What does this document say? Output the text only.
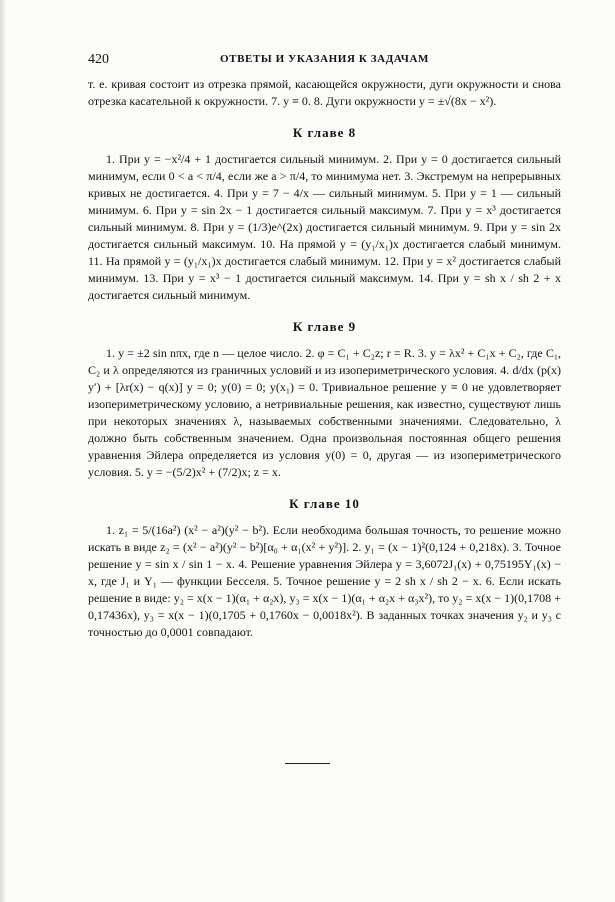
420	ОТВЕТЫ И УКАЗАНИЯ К ЗАДАЧАМ

т. е. кривая состоит из отрезка прямой, касающейся окружности, дуги окружности и снова отрезка касательной к окружности. 7. y ≡ 0. 8. Дуги окружности y = ±√(8x − x²).

К главе 8

1. При y = −x²/4 + 1 достигается сильный минимум. 2. При y = 0 достигается сильный минимум, если 0 < a < π/4, если же a > π/4, то минимума нет. 3. Экстремум на непрерывных кривых не достигается. 4. При y = 7 − 4/x — сильный минимум. 5. При y = 1 — сильный минимум. 6. При y = sin 2x − 1 достигается сильный максимум. 7. При y = x³ достигается сильный минимум. 8. При y = (1/3)e^(2x) достигается сильный минимум. 9. При y = sin 2x достигается сильный максимум. 10. На прямой y = (y₁/x₁)x достигается слабый минимум. 11. На прямой y = (y₁/x₁)x достигается слабый минимум. 12. При y = x² достигается слабый минимум. 13. При y = x³ − 1 достигается сильный максимум. 14. При y = sh x / sh 2 + x достигается сильный минимум.

К главе 9

1. y = ±2 sin nπx, где n — целое число. 2. φ = C₁ + C₂z; r = R. 3. y = λx² + C₁x + C₂, где C₁, C₂ и λ определяются из граничных условий и из изопериметрического условия. 4. d/dx (p(x) y′) + [λr(x) − q(x)] y = 0; y(0) = 0; y(x₁) = 0. Тривиальное решение y ≡ 0 не удовлетворяет изопериметрическому условию, а нетривиальные решения, как известно, существуют лишь при некоторых значениях λ, называемых собственными значениями. Следовательно, λ должно быть собственным значением. Одна произвольная постоянная общего решения уравнения Эйлера определяется из условия y(0) = 0, другая — из изопериметрического условия. 5. y = −(5/2)x² + (7/2)x; z = x.

К главе 10

1. z₁ = 5/(16a²) (x² − a²)(y² − b²). Если необходима большая точность, то решение можно искать в виде z₂ = (x² − a²)(y² − b²)[α₀ + α₁(x² + y²)]. 2. y₁ = (x − 1)²(0,124 + 0,218x). 3. Точное решение y = sin x / sin 1 − x. 4. Решение уравнения Эйлера y = 3,6072J₁(x) + 0,75195Y₁(x) − x, где J₁ и Y₁ — функции Бесселя. 5. Точное решение y = 2 sh x / sh 2 − x. 6. Если искать решение в виде: y₂ = x(x − 1)(α₁ + α₂x), y₃ = x(x − 1)(α₁ + α₂x + α₃x²), то y₂ = x(x − 1)(0,1708 + 0,17436x), y₃ = x(x − 1)(0,1705 + 0,1760x − 0,0018x²). В заданных точках значения y₂ и y₃ с точностью до 0,0001 совпадают.
